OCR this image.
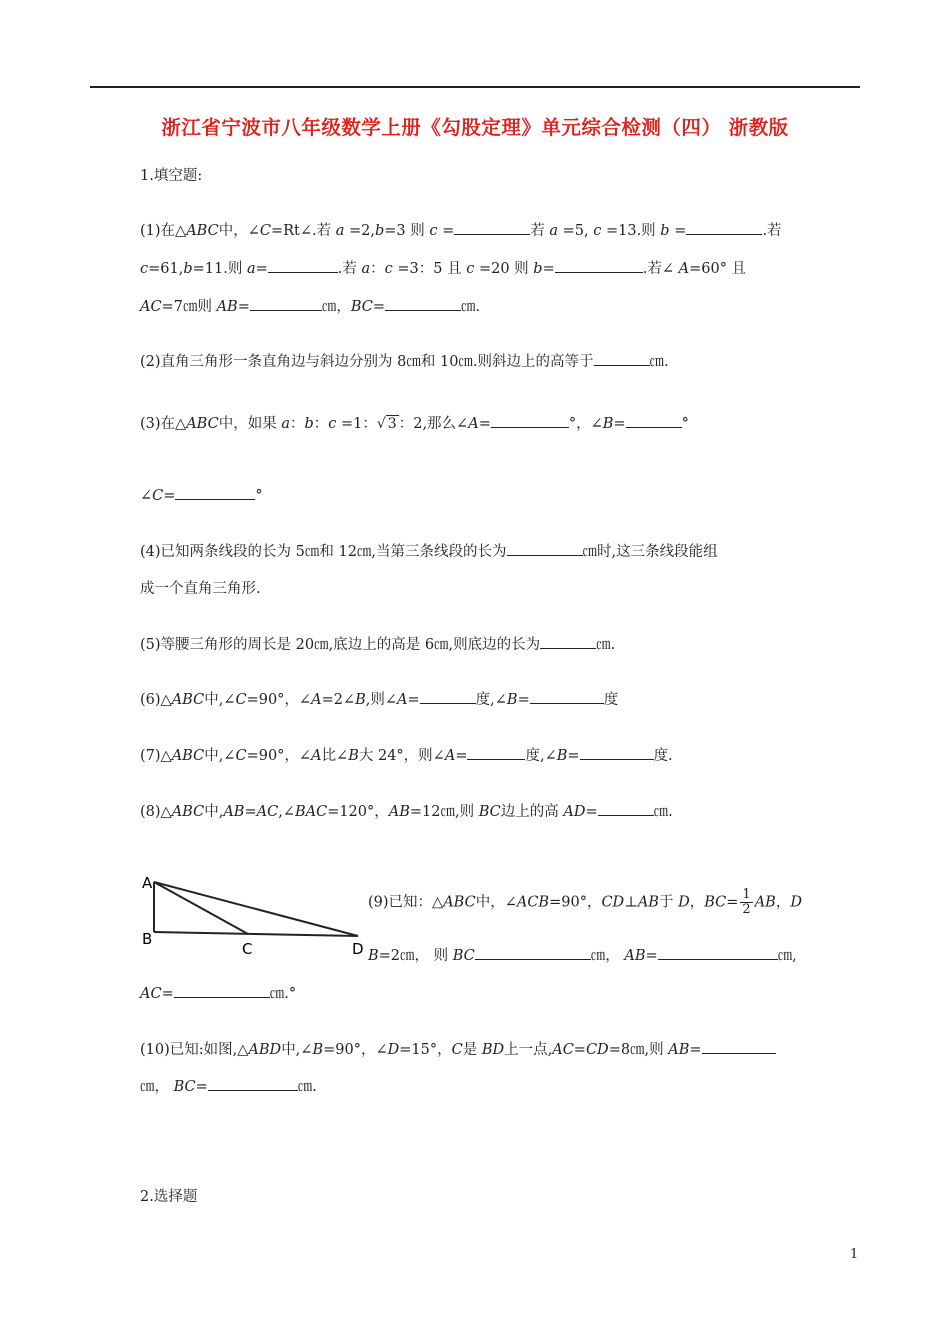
浙江省宁波市八年级数学上册《勾股定理》单元综合检测（四） 浙教版
1.填空题:
(1)在△ABC中，∠C=Rt∠.若 a =2,b=3 则 c =	若 a =5, c =13.则 b =	.若
c=61,b=11.则 a=	.若 a：c =3：5 且 c =20 则 b=	.若∠ A=60° 且
AC=7㎝则 AB=	㎝，BC=	㎝.
(2)直角三角形一条直角边与斜边分别为 8㎝和 10㎝.则斜边上的高等于	㎝.
(3)在△ABC中，如果 a：b：c =1：√ 3 ：2,那么∠A=	°，∠B=	°
∠C=	°
(4)已知两条线段的长为 5㎝和 12㎝,当第三条线段的长为	㎝时,这三条线段能组
成一个直角三角形.
(5)等腰三角形的周长是 20㎝,底边上的高是 6㎝,则底边的长为	㎝.
(6)△ABC中,∠C=90°，∠A=2∠B,则∠A=	度,∠B=	度
(7)△ABC中,∠C=90°，∠A比∠B大 24°，则∠A=	度,∠B=	度.
(8)△ABC中,AB=AC,∠BAC=120°，AB=12㎝,则 BC边上的高 AD=	㎝.
A
B
C	D
(9)已知：△ABC中，∠ACB=90°，CD⊥AB于 D，$BC= \frac{1}{2}$ AB，D
B=2㎝， 则 BC	㎝， AB=	㎝,
AC=	㎝.°
(10)已知:如图,△ABD中,∠B=90°，∠D=15°，C是 BD上一点,AC=CD=8㎝,则 AB=
㎝， BC=	㎝.
2.选择题
1
